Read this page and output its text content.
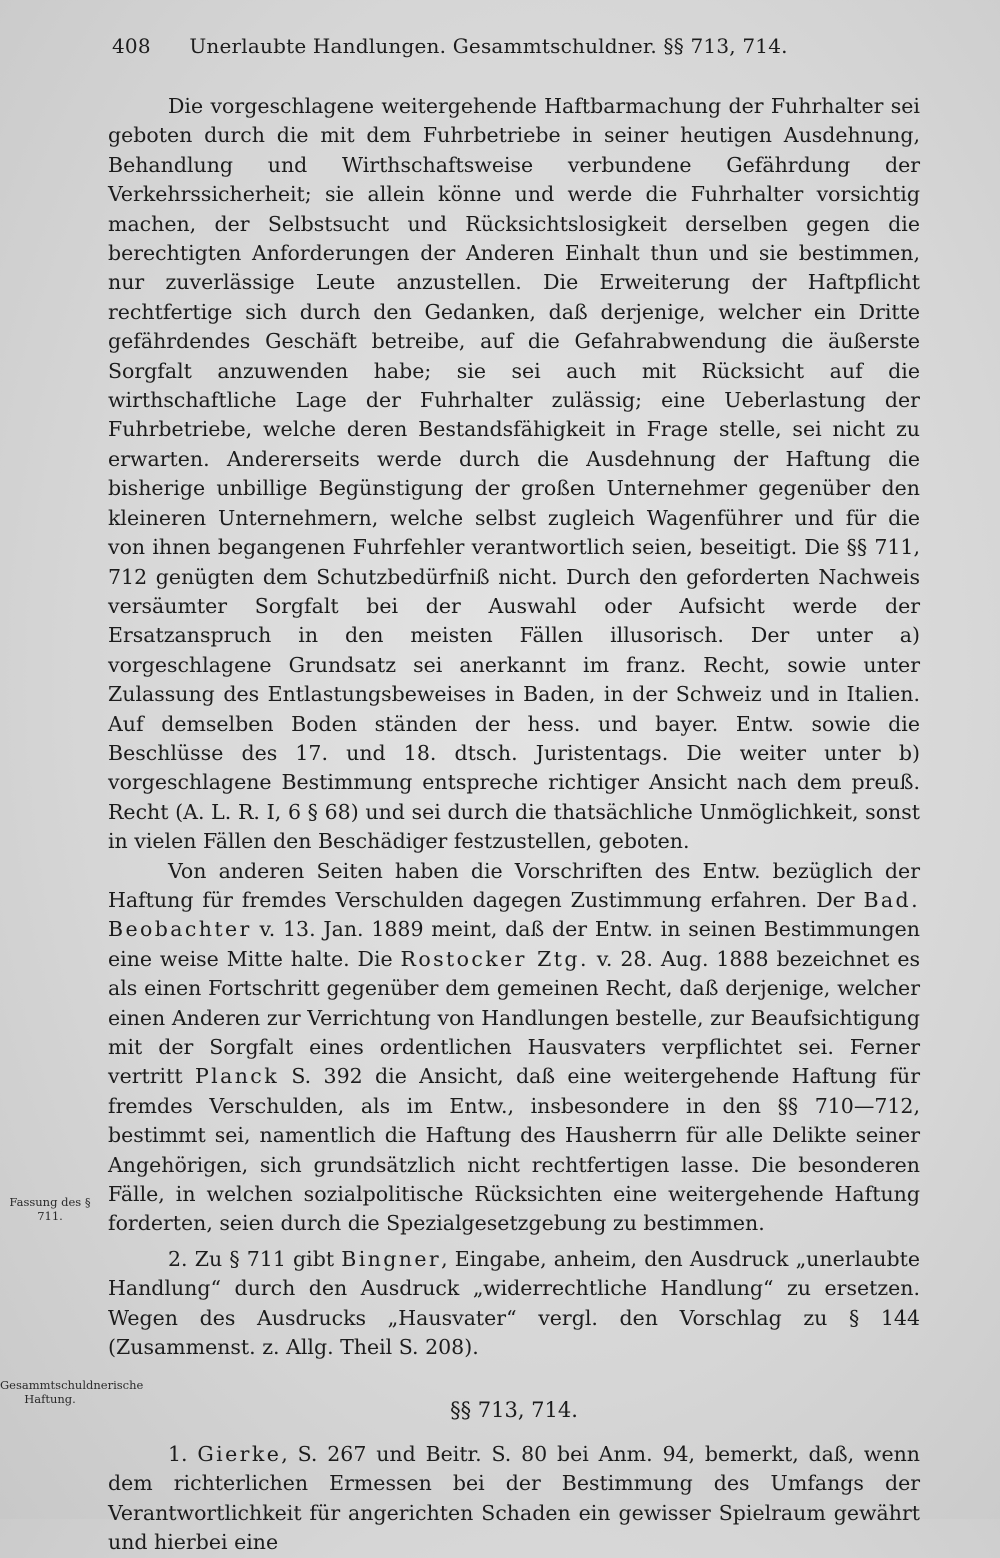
408 Unerlaubte Handlungen. Gesammtschuldner. §§ 713, 714.

Die vorgeschlagene weitergehende Haftbarmachung der Fuhrhalter sei geboten durch die mit dem Fuhrbetriebe in seiner heutigen Ausdehnung, Behandlung und Wirthschaftsweise verbundene Gefährdung der Verkehrssicherheit; sie allein könne und werde die Fuhrhalter vorsichtig machen, der Selbstsucht und Rücksichtslosigkeit derselben gegen die berechtigten Anforderungen der Anderen Einhalt thun und sie bestimmen, nur zuverlässige Leute anzustellen. Die Erweiterung der Haftpflicht rechtfertige sich durch den Gedanken, daß derjenige, welcher ein Dritte gefährdendes Geschäft betreibe, auf die Gefahrabwendung die äußerste Sorgfalt anzuwenden habe; sie sei auch mit Rücksicht auf die wirthschaftliche Lage der Fuhrhalter zulässig; eine Ueberlastung der Fuhrbetriebe, welche deren Bestandsfähigkeit in Frage stelle, sei nicht zu erwarten. Andererseits werde durch die Ausdehnung der Haftung die bisherige unbillige Begünstigung der großen Unternehmer gegenüber den kleineren Unternehmern, welche selbst zugleich Wagenführer und für die von ihnen begangenen Fuhrfehler verantwortlich seien, beseitigt. Die §§ 711, 712 genügten dem Schutzbedürfniß nicht. Durch den geforderten Nachweis versäumter Sorgfalt bei der Auswahl oder Aufsicht werde der Ersatzanspruch in den meisten Fällen illusorisch. Der unter a) vorgeschlagene Grundsatz sei anerkannt im franz. Recht, sowie unter Zulassung des Entlastungsbeweises in Baden, in der Schweiz und in Italien. Auf demselben Boden ständen der hess. und bayer. Entw. sowie die Beschlüsse des 17. und 18. dtsch. Juristentags. Die weiter unter b) vorgeschlagene Bestimmung entspreche richtiger Ansicht nach dem preuß. Recht (A. L. R. I, 6 § 68) und sei durch die thatsächliche Unmöglichkeit, sonst in vielen Fällen den Beschädiger festzustellen, geboten.

Von anderen Seiten haben die Vorschriften des Entw. bezüglich der Haftung für fremdes Verschulden dagegen Zustimmung erfahren. Der Bad. Beobachter v. 13. Jan. 1889 meint, daß der Entw. in seinen Bestimmungen eine weise Mitte halte. Die Rostocker Ztg. v. 28. Aug. 1888 bezeichnet es als einen Fortschritt gegenüber dem gemeinen Recht, daß derjenige, welcher einen Anderen zur Verrichtung von Handlungen bestelle, zur Beaufsichtigung mit der Sorgfalt eines ordentlichen Hausvaters verpflichtet sei. Ferner vertritt Planck S. 392 die Ansicht, daß eine weitergehende Haftung für fremdes Verschulden, als im Entw., insbesondere in den §§ 710—712, bestimmt sei, namentlich die Haftung des Hausherrn für alle Delikte seiner Angehörigen, sich grundsätzlich nicht rechtfertigen lasse. Die besonderen Fälle, in welchen sozialpolitische Rücksichten eine weitergehende Haftung forderten, seien durch die Spezialgesetzgebung zu bestimmen.

2. Zu § 711 gibt Bingner, Eingabe, anheim, den Ausdruck „unerlaubte Handlung“ durch den Ausdruck „widerrechtliche Handlung“ zu ersetzen. Wegen des Ausdrucks „Hausvater“ vergl. den Vorschlag zu § 144 (Zusammenst. z. Allg. Theil S. 208).

§§ 713, 714.

1. Gierke, S. 267 und Beitr. S. 80 bei Anm. 94, bemerkt, daß, wenn dem richterlichen Ermessen bei der Bestimmung des Umfangs der Verantwortlichkeit für angerichten Schaden ein gewisser Spielraum gewährt und hierbei eine

Fassung des § 711.
Gesammtschuldnerische Haftung.
